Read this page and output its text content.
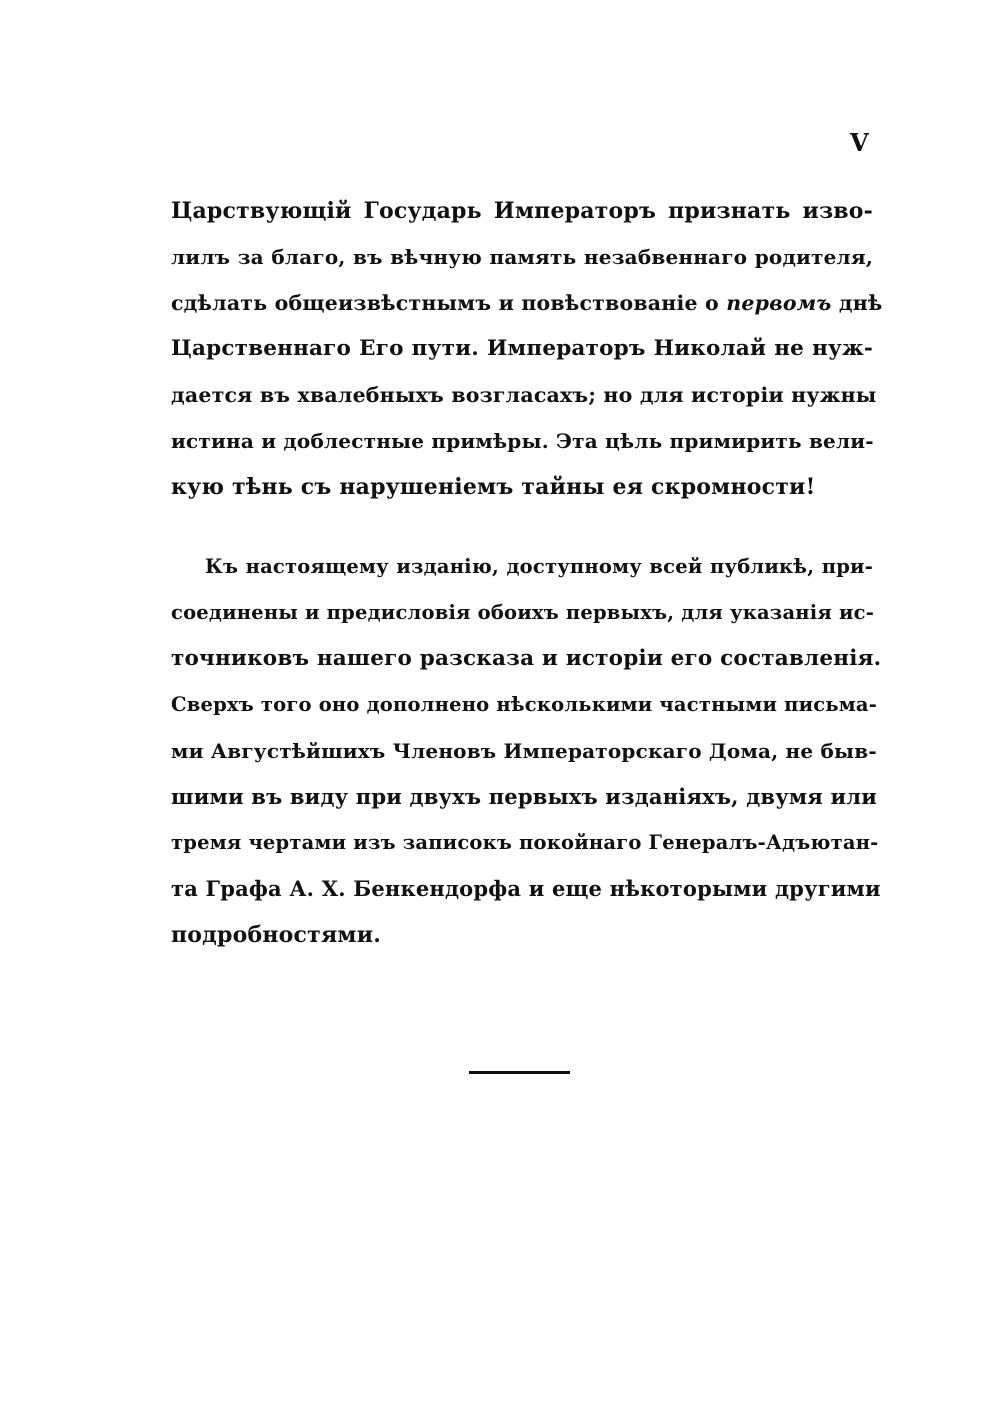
V
Царствующій Государь Императоръ признать изво-
лилъ за благо, въ вѣчную память незабвеннаго родителя,
сдѣлать общеизвѣстнымъ и повѣствованіе о первомъ днѣ
Царственнаго Его пути. Императоръ Николай не нуж-
дается въ хвалебныхъ возгласахъ; но для исторіи нужны
истина и доблестные примѣры. Эта цѣль примирить вели-
кую тѣнь съ нарушеніемъ тайны ея скромности!
Къ настоящему изданію, доступному всей публикѣ, при-
соединены и предисловія обоихъ первыхъ, для указанія ис-
точниковъ нашего разсказа и исторіи его составленія.
Сверхъ того оно дополнено нѣсколькими частными письма-
ми Августѣйшихъ Членовъ Императорскаго Дома, не быв-
шими въ виду при двухъ первыхъ изданіяхъ, двумя или
тремя чертами изъ записокъ покойнаго Генералъ-Адъютан-
та Графа А. Х. Бенкендорфа и еще нѣкоторыми другими
подробностями.
